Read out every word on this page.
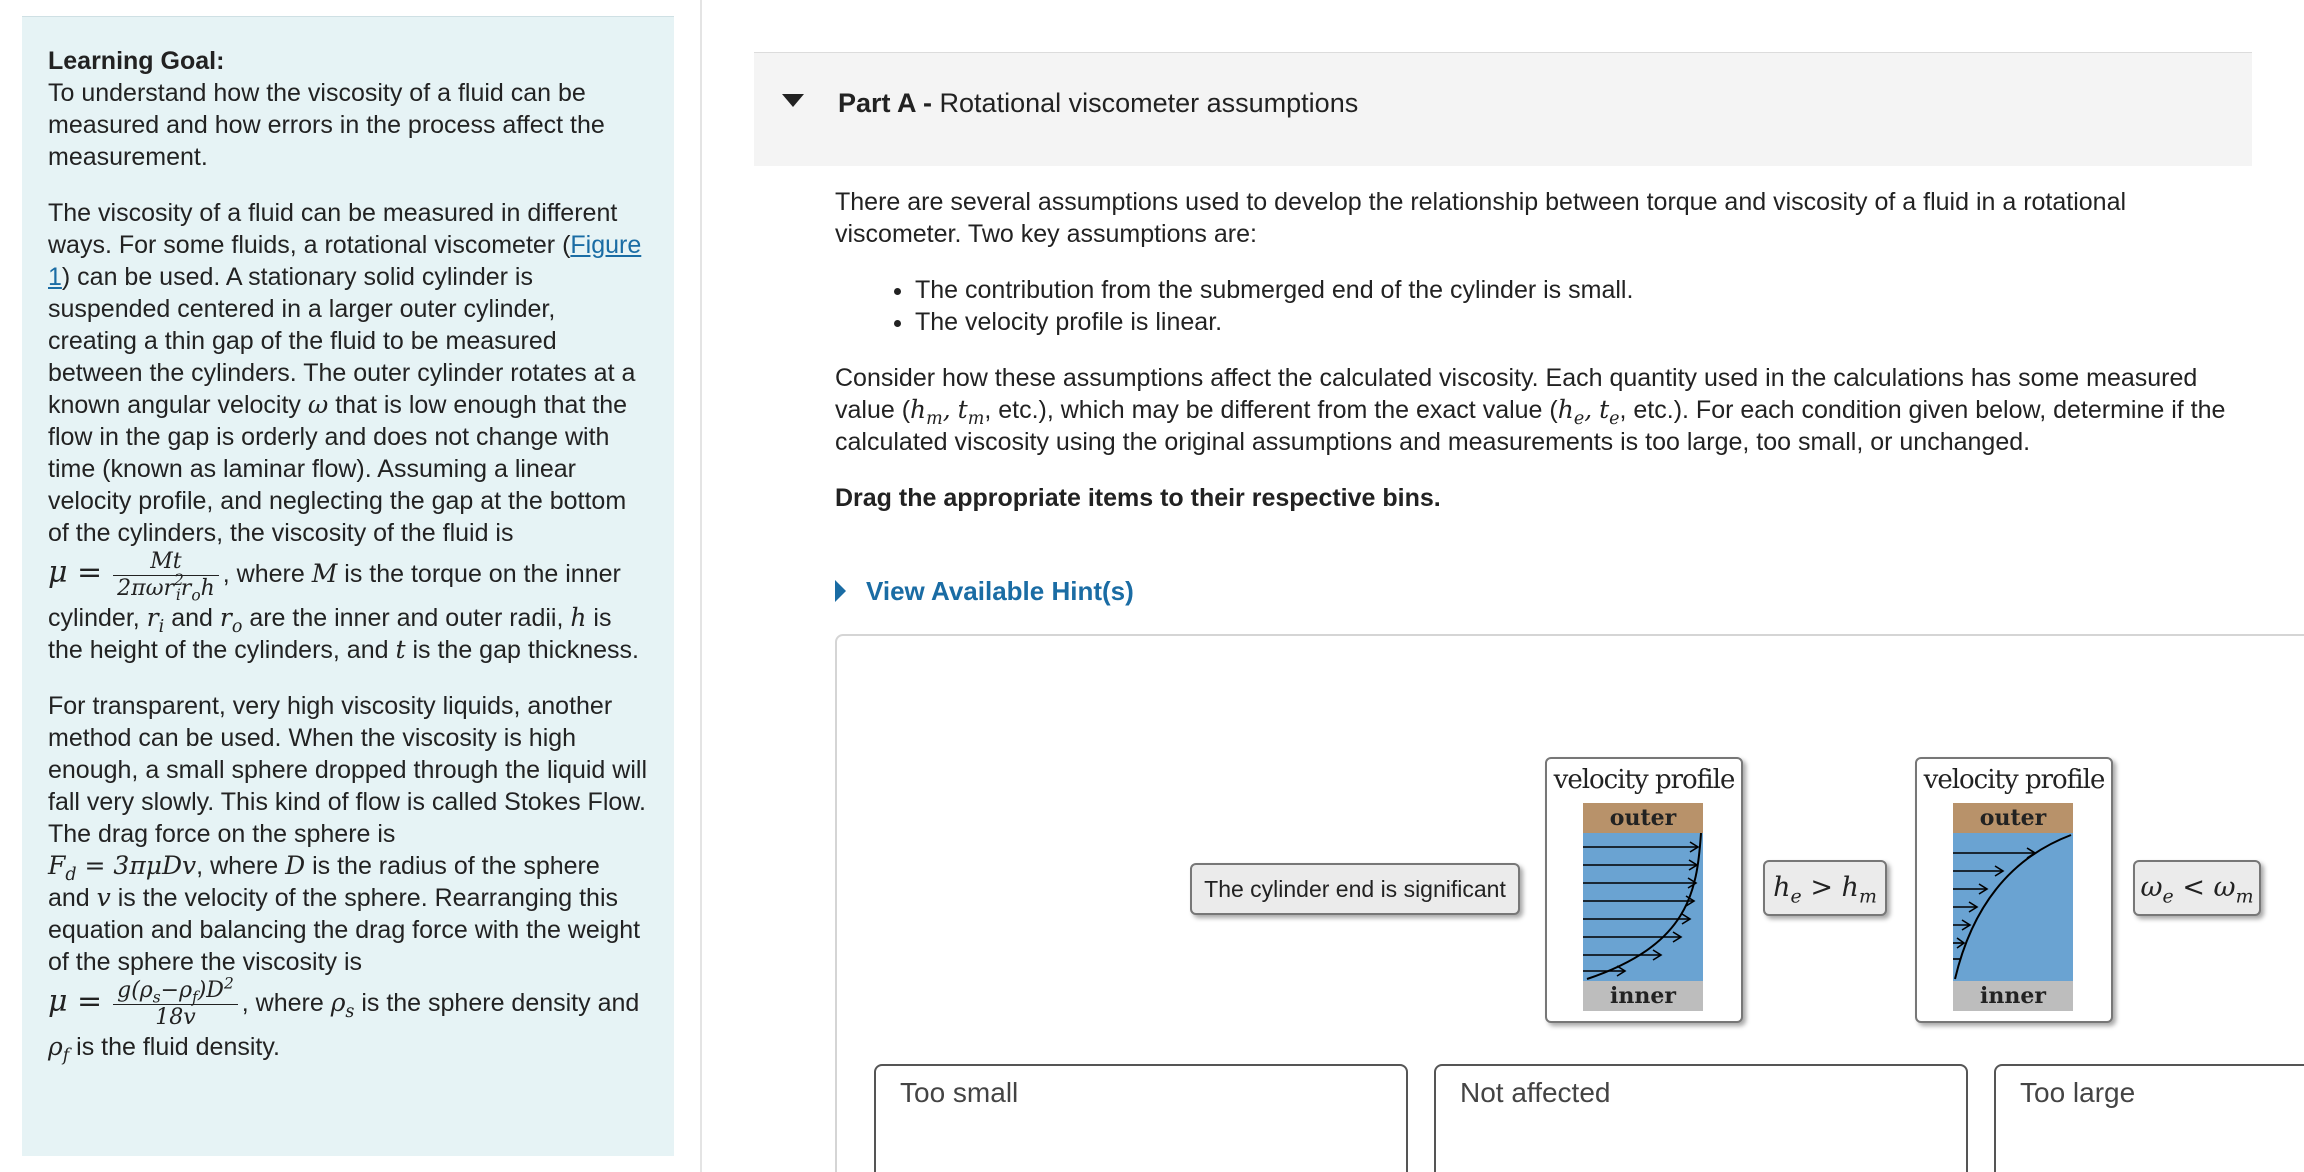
Learning Goal:
To understand how the viscosity of a fluid can be measured and how errors in the process affect the measurement.

The viscosity of a fluid can be measured in different ways. For some fluids, a rotational viscometer (Figure 1) can be used. A stationary solid cylinder is suspended centered in a larger outer cylinder, creating a thin gap of the fluid to be measured between the cylinders. The outer cylinder rotates at a known angular velocity ω that is low enough that the flow in the gap is orderly and does not change with time (known as laminar flow). Assuming a linear velocity profile, and neglecting the gap at the bottom of the cylinders, the viscosity of the fluid is
$\mu = \frac{Mt}{2\pi\omega r^2_ir_oh}$ , where M is the torque on the inner cylinder, $r_i$ and $r_o$ are the inner and outer radii, h is the height of the cylinders, and t is the gap thickness.

For transparent, very high viscosity liquids, another method can be used. When the viscosity is high enough, a small sphere dropped through the liquid will fall very slowly. This kind of flow is called Stokes Flow. The drag force on the sphere is
$F_d = 3\pi\mu Dv$, where D is the radius of the sphere and v is the velocity of the sphere. Rearranging this equation and balancing the drag force with the weight of the sphere the viscosity is
$\mu = \frac{g(\rho_s-\rho_f)D^2}{18v}$ , where $\rho_s$ is the sphere density and $\rho_f$ is the fluid density.

Part A - Rotational viscometer assumptions

There are several assumptions used to develop the relationship between torque and viscosity of a fluid in a rotational viscometer. Two key assumptions are:

• The contribution from the submerged end of the cylinder is small.
• The velocity profile is linear.

Consider how these assumptions affect the calculated viscosity. Each quantity used in the calculations has some measured value ($h_m$, $t_m$, etc.), which may be different from the exact value ($h_e$, $t_e$, etc.). For each condition given below, determine if the calculated viscosity using the original assumptions and measurements is too large, too small, or unchanged.

Drag the appropriate items to their respective bins.

View Available Hint(s)
The cylinder end is significant
velocity profile
outer
inner
$h_e > h_m$
velocity profile
outer
inner
$\omega_e < \omega_m$
Too small	Not affected	Too large
